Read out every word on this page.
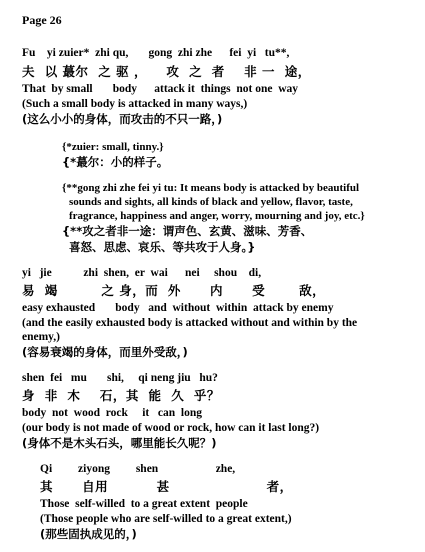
Page 26
Fu    yi zuier*  zhi qu,       gong  zhi zhe      fei  yi   tu**,
夫  以 蕞尔  之 驱 ，    攻  之  者    非 一  途，
That  by small       body      attack it  things  not one  way
(Such a small body is attacked in many ways,)
(这么小小的身体，而攻击的不只一路，)
{*zuier: small, tinny.}
{*蕞尔：小的样子。
{**gong zhi zhe fei yi tu: It means body is attacked by beautiful
sounds and sights, all kinds of black and yellow, flavor, taste,
fragrance, happiness and anger, worry, mourning and joy, etc.}
{**攻之者非一途：谓声色、玄黄、滋味、芳香、
喜怒、思虑、哀乐、等共攻于人身。}
yi   jie           zhi  shen,  er  wai      nei     shou    di,
易  竭         之 身，而  外      内      受       敌，
easy exhausted       body   and  without  within  attack by enemy
(and the easily exhausted body is attacked without and within by the
enemy,)
(容易衰竭的身体，而里外受敌，)
shen  fei   mu       shi,     qi neng jiu   hu?
身  非  木    石，其  能  久  乎？
body  not  wood  rock     it   can  long
(our body is not made of wood or rock, how can it last long?)
(身体不是木头石头，哪里能长久呢？)
Qi         ziyong         shen                    zhe,
其      自用          甚                    者，
Those  self-willed  to a great extent  people
(Those people who are self-willed to a great extent,)
(那些固执成见的，)
